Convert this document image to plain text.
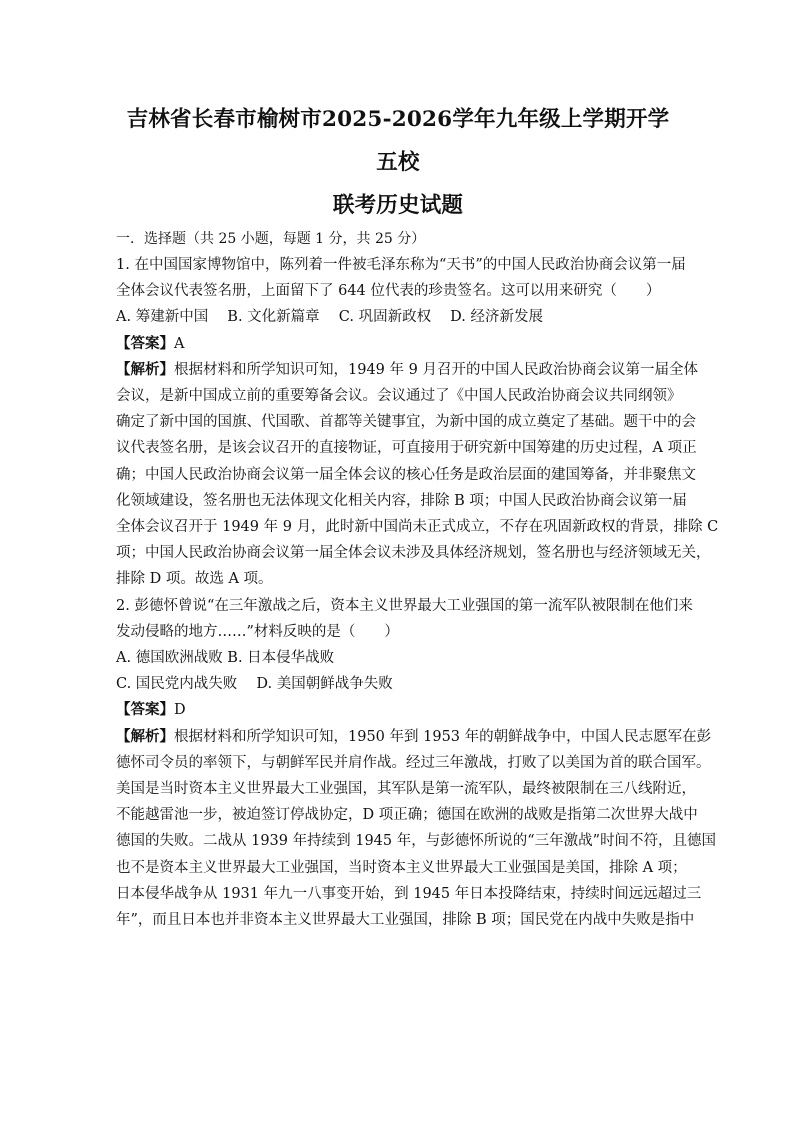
吉林省长春市榆树市2025-2026学年九年级上学期开学五校
联考历史试题
一．选择题（共 25 小题，每题 1 分，共 25 分）

1. 在中国国家博物馆中，陈列着一件被毛泽东称为“天书”的中国人民政治协商会议第一届
全体会议代表签名册，上面留下了 644 位代表的珍贵签名。这可以用来研究（　　）

A. 筹建新中国　 B. 文化新篇章　 C. 巩固新政权　 D. 经济新发展

【答案】A

【解析】根据材料和所学知识可知，1949 年 9 月召开的中国人民政治协商会议第一届全体
会议，是新中国成立前的重要筹备会议。会议通过了《中国人民政治协商会议共同纲领》
确定了新中国的国旗、代国歌、首都等关键事宜，为新中国的成立奠定了基础。题干中的会
议代表签名册，是该会议召开的直接物证，可直接用于研究新中国筹建的历史过程，A 项正
确；中国人民政治协商会议第一届全体会议的核心任务是政治层面的建国筹备，并非聚焦文
化领域建设，签名册也无法体现文化相关内容，排除 B 项；中国人民政治协商会议第一届
全体会议召开于 1949 年 9 月，此时新中国尚未正式成立，不存在巩固新政权的背景，排除 C
项；中国人民政治协商会议第一届全体会议未涉及具体经济规划，签名册也与经济领域无关，
排除 D 项。故选 A 项。

2. 彭德怀曾说“在三年激战之后，资本主义世界最大工业强国的第一流军队被限制在他们来
发动侵略的地方……”材料反映的是（　　）

A. 德国欧洲战败 B. 日本侵华战败
C. 国民党内战失败　 D. 美国朝鲜战争失败

【答案】D

【解析】根据材料和所学知识可知，1950 年到 1953 年的朝鲜战争中，中国人民志愿军在彭
德怀司令员的率领下，与朝鲜军民并肩作战。经过三年激战，打败了以美国为首的联合国军。
美国是当时资本主义世界最大工业强国，其军队是第一流军队，最终被限制在三八线附近，
不能越雷池一步，被迫签订停战协定，D 项正确；德国在欧洲的战败是指第二次世界大战中
德国的失败。二战从 1939 年持续到 1945 年，与彭德怀所说的“三年激战”时间不符，且德国
也不是资本主义世界最大工业强国，当时资本主义世界最大工业强国是美国，排除 A 项；
日本侵华战争从 1931 年九一八事变开始，到 1945 年日本投降结束，持续时间远远超过三
年”，而且日本也并非资本主义世界最大工业强国，排除 B 项；国民党在内战中失败是指中
